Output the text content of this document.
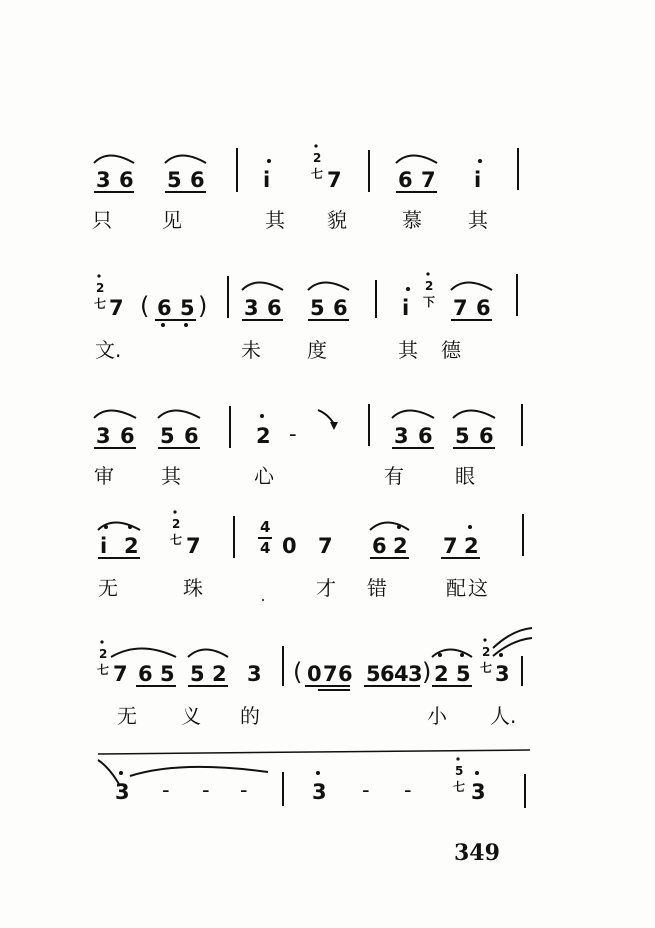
3 6 5 6	i
2
七 7	6 7 i
只	见	其 貌	慕 其
2
七 7 ( 6 5 ) 3 6 5 6	i
2
下 7 6
文.	未 度	其 德
3 6 5 6	2 -	3 6 5 6
审 其	心	有	眼
i 2
2
七 7
4
4 0 7 6 2 7 2
无	珠	才 错	配 这
2
七 7 6 5 5 2 3 ( 0 7 6 5 6 4 3 ) 2 5
2
七 3
无 义 的	小 人.
3 - - -	3 - -
5
七 3
349
